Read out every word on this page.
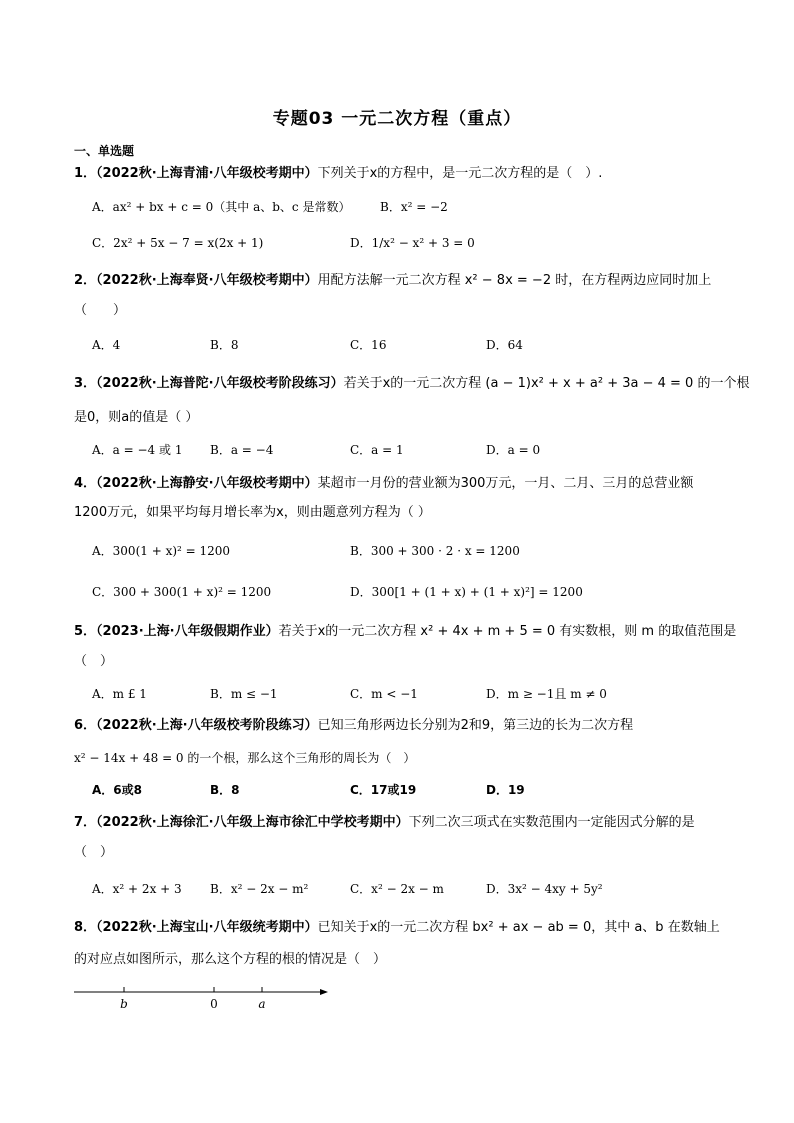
专题03 一元二次方程（重点）
一、单选题
1．（2022秋·上海青浦·八年级校考期中）下列关于x的方程中，是一元二次方程的是（　）.
A．ax² + bx + c = 0（其中 a、b、c 是常数） B．x² = −2
C．2x² + 5x − 7 = x(2x + 1)	D．1/x² − x² + 3 = 0
2．（2022秋·上海奉贤·八年级校考期中）用配方法解一元二次方程 x² − 8x = −2 时，在方程两边应同时加上
（　　）
A．4	B．8	C．16	D．64
3．（2022秋·上海普陀·八年级校考阶段练习）若关于x的一元二次方程 (a − 1)x² + x + a² + 3a − 4 = 0 的一个根
是0，则a的值是（ ）
A．a = −4 或 1 B．a = −4	C．a = 1	D．a = 0
4．（2022秋·上海静安·八年级校考期中）某超市一月份的营业额为300万元，一月、二月、三月的总营业额
1200万元，如果平均每月增长率为x，则由题意列方程为（ ）
A．300(1 + x)² = 1200	B．300 + 300 · 2 · x = 1200
C．300 + 300(1 + x)² = 1200	D．300[1 + (1 + x) + (1 + x)²] = 1200
5．（2023·上海·八年级假期作业）若关于x的一元二次方程 x² + 4x + m + 5 = 0 有实数根，则 m 的取值范围是
（　）
A．m £ 1	B．m ≤ −1	C．m < −1	D．m ≥ −1且 m ≠ 0
6．（2022秋·上海·八年级校考阶段练习）已知三角形两边长分别为2和9，第三边的长为二次方程
x² − 14x + 48 = 0 的一个根，那么这个三角形的周长为（　）
A．6或8	B．8	C．17或19	D．19
7．（2022秋·上海徐汇·八年级上海市徐汇中学校考期中）下列二次三项式在实数范围内一定能因式分解的是
（　）
A．x² + 2x + 3 B．x² − 2x − m²	C．x² − 2x − m	D．3x² − 4xy + 5y²
8．（2022秋·上海宝山·八年级统考期中）已知关于x的一元二次方程 bx² + ax − ab = 0，其中 a、b 在数轴上
的对应点如图所示，那么这个方程的根的情况是（　）
b	0	a
